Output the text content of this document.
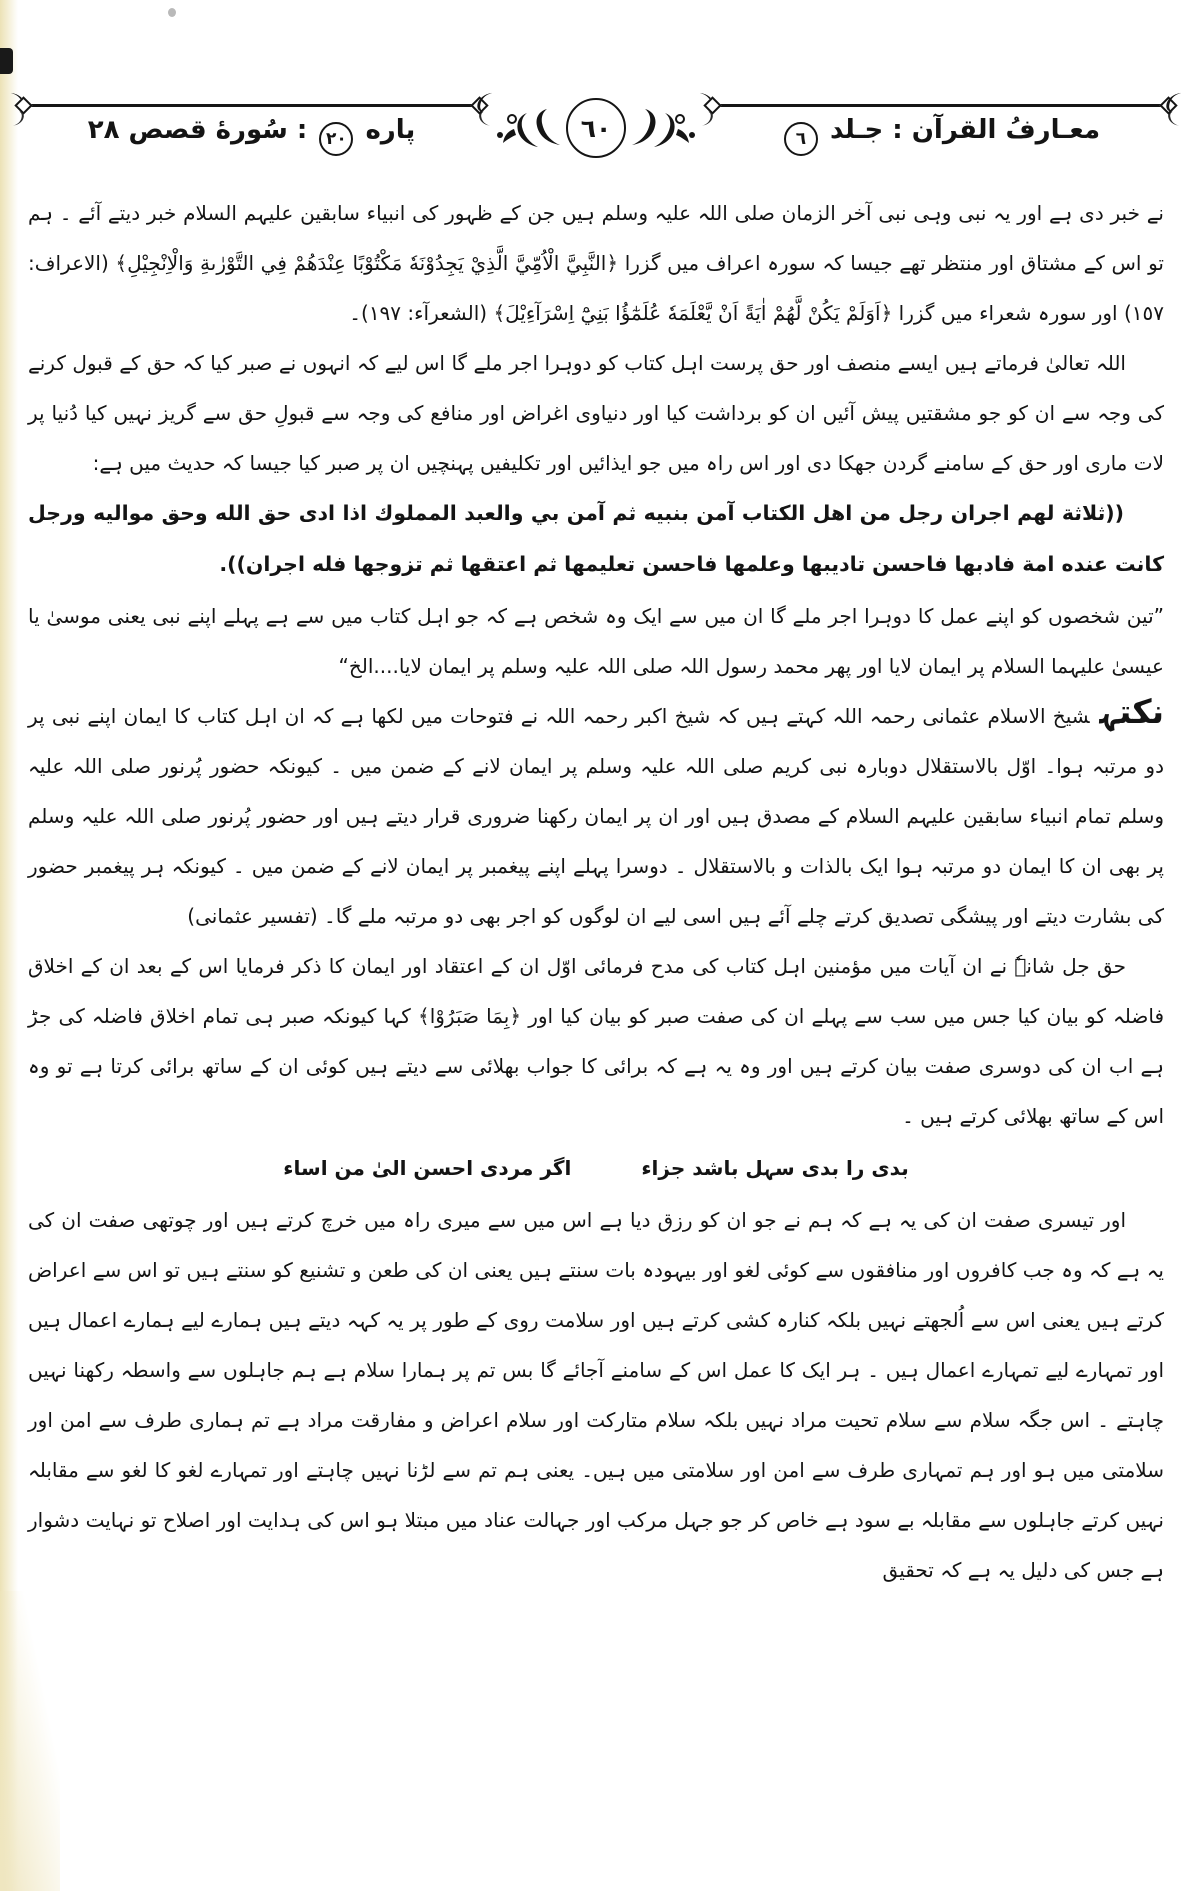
معـارفُ القرآن : جـلد
٦
٦٠
پاره
٢٠
: سُورهٔ قصص ٢٨

نے خبر دی ہے اور یہ نبی وہی نبی آخر الزمان صلی اللہ علیہ وسلم ہیں جن کے ظہور کی انبیاء سابقین علیہم السلام خبر دیتے آئے ۔ ہم تو اس کے مشتاق اور منتظر تھے جیسا کہ سورہ اعراف میں گزرا ﴿النَّبِيَّ الْاُمِّيَّ الَّذِيْ يَجِدُوْنَهٗ مَكْتُوْبًا عِنْدَهُمْ فِي التَّوْرٰىةِ وَالْاِنْجِيْلِ﴾ (الاعراف: ١٥٧) اور سورہ شعراء میں گزرا ﴿اَوَلَمْ يَكُنْ لَّهُمْ اٰيَةً اَنْ يَّعْلَمَهٗ عُلَمٰٓؤُا بَنِيْٓ اِسْرَآءِيْلَ﴾ (الشعرآء: ١٩٧)۔

اللہ تعالیٰ فرماتے ہیں ایسے منصف اور حق پرست اہل کتاب کو دوہرا اجر ملے گا اس لیے کہ انہوں نے صبر کیا کہ حق کے قبول کرنے کی وجہ سے ان کو جو مشقتیں پیش آئیں ان کو برداشت کیا اور دنیاوی اغراض اور منافع کی وجہ سے قبولِ حق سے گریز نہیں کیا دُنیا پر لات ماری اور حق کے سامنے گردن جھکا دی اور اس راہ میں جو ایذائیں اور تکلیفیں پہنچیں ان پر صبر کیا جیسا کہ حدیث میں ہے:

((ثلاثة لهم اجران رجل من اهل الكتاب آمن بنبيه ثم آمن بي والعبد المملوك اذا ادى حق الله وحق مواليه ورجل كانت عنده امة فادبها فاحسن تاديبها وعلمها فاحسن تعليمها ثم اعتقها ثم تزوجها فله اجران)).

”تین شخصوں کو اپنے عمل کا دوہرا اجر ملے گا ان میں سے ایک وہ شخص ہے کہ جو اہل کتاب میں سے ہے پہلے اپنے نبی یعنی موسیٰ یا عیسیٰ علیہما السلام پر ایمان لایا اور پھر محمد رسول اللہ صلی اللہ علیہ وسلم پر ایمان لایا....الخ“

نکتہشیخ الاسلام عثمانی رحمہ اللہ کہتے ہیں کہ شیخ اکبر رحمہ اللہ نے فتوحات میں لکھا ہے کہ ان اہل کتاب کا ایمان اپنے نبی پر دو مرتبہ ہوا۔ اوّل بالاستقلال دوبارہ نبی کریم صلی اللہ علیہ وسلم پر ایمان لانے کے ضمن میں ۔ کیونکہ حضور پُرنور صلی اللہ علیہ وسلم تمام انبیاء سابقین علیہم السلام کے مصدق ہیں اور ان پر ایمان رکھنا ضروری قرار دیتے ہیں اور حضور پُرنور صلی اللہ علیہ وسلم پر بھی ان کا ایمان دو مرتبہ ہوا ایک بالذات و بالاستقلال ۔ دوسرا پہلے اپنے پیغمبر پر ایمان لانے کے ضمن میں ۔ کیونکہ ہر پیغمبر حضور کی بشارت دیتے اور پیشگی تصدیق کرتے چلے آئے ہیں اسی لیے ان لوگوں کو اجر بھی دو مرتبہ ملے گا۔ (تفسیر عثمانی)

حق جل شانہٗ نے ان آیات میں مؤمنین اہل کتاب کی مدح فرمائی اوّل ان کے اعتقاد اور ایمان کا ذکر فرمایا اس کے بعد ان کے اخلاق فاضلہ کو بیان کیا جس میں سب سے پہلے ان کی صفت صبر کو بیان کیا اور ﴿بِمَا صَبَرُوْا﴾ کہا کیونکہ صبر ہی تمام اخلاق فاضلہ کی جڑ ہے اب ان کی دوسری صفت بیان کرتے ہیں اور وہ یہ ہے کہ برائی کا جواب بھلائی سے دیتے ہیں کوئی ان کے ساتھ برائی کرتا ہے تو وہ اس کے ساتھ بھلائی کرتے ہیں ۔

بدی را بدی سہل باشد جزاء
اگر مردی احسن الیٰ من اساء

اور تیسری صفت ان کی یہ ہے کہ ہم نے جو ان کو رزق دیا ہے اس میں سے میری راہ میں خرچ کرتے ہیں اور چوتھی صفت ان کی یہ ہے کہ وہ جب کافروں اور منافقوں سے کوئی لغو اور بیہودہ بات سنتے ہیں یعنی ان کی طعن و تشنیع کو سنتے ہیں تو اس سے اعراض کرتے ہیں یعنی اس سے اُلجھتے نہیں بلکہ کنارہ کشی کرتے ہیں اور سلامت روی کے طور پر یہ کہہ دیتے ہیں ہمارے لیے ہمارے اعمال ہیں اور تمہارے لیے تمہارے اعمال ہیں ۔ ہر ایک کا عمل اس کے سامنے آجائے گا بس تم پر ہمارا سلام ہے ہم جاہلوں سے واسطہ رکھنا نہیں چاہتے ۔ اس جگہ سلام سے سلام تحیت مراد نہیں بلکہ سلام متارکت اور سلام اعراض و مفارقت مراد ہے تم ہماری طرف سے امن اور سلامتی میں ہو اور ہم تمہاری طرف سے امن اور سلامتی میں ہیں۔ یعنی ہم تم سے لڑنا نہیں چاہتے اور تمہارے لغو کا لغو سے مقابلہ نہیں کرتے جاہلوں سے مقابلہ بے سود ہے خاص کر جو جہل مرکب اور جہالت عناد میں مبتلا ہو اس کی ہدایت اور اصلاح تو نہایت دشوار ہے جس کی دلیل یہ ہے کہ تحقیق
